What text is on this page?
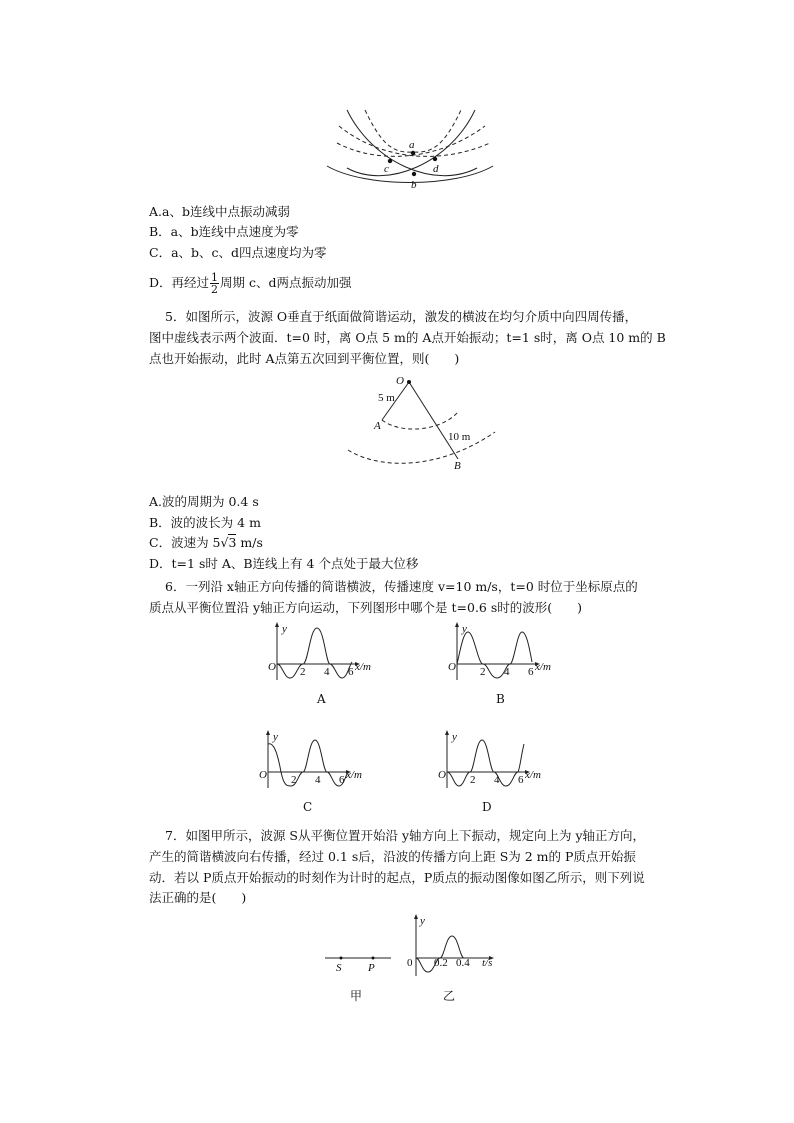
a
c	d
b
A.a、b连线中点振动减弱
B．a、b连线中点速度为零
C．a、b、c、d四点速度均为零
D．再经过 $\frac{1}{2}$ 周期 c、d两点振动加强
5．如图所示，波源 O垂直于纸面做简谐运动，激发的横波在均匀介质中向四周传播，
图中虚线表示两个波面．t=0 时，离 O点 5 m的 A点开始振动；t=1 s时，离 O点 10 m的 B
点也开始振动，此时 A点第五次回到平衡位置，则(　　)
O
5 m
A
10 m
B
A.波的周期为 0.4 s
B．波的波长为 4 m
C．波速为 5√3 m/s
D．t=1 s时 A、B连线上有 4 个点处于最大位移
6．一列沿 x轴正方向传播的简谐横波，传播速度 v=10 m/s，t=0 时位于坐标原点的
质点从平衡位置沿 y轴正方向运动，下列图形中哪个是 t=0.6 s时的波形(　　)
y
O 2 4 6 x/m
A
y
O 2 4 6 x/m
B
y
O 2 4 6 x/m
C
y
O 2 4 6 x/m
D
7．如图甲所示，波源 S从平衡位置开始沿 y轴方向上下振动，规定向上为 y轴正方向，
产生的简谐横波向右传播，经过 0.1 s后，沿波的传播方向上距 S为 2 m的 P质点开始振
动．若以 P质点开始振动的时刻作为计时的起点，P质点的振动图像如图乙所示，则下列说
法正确的是(　　)
S P
甲
y
0 0.2 0.4 t/s
乙
